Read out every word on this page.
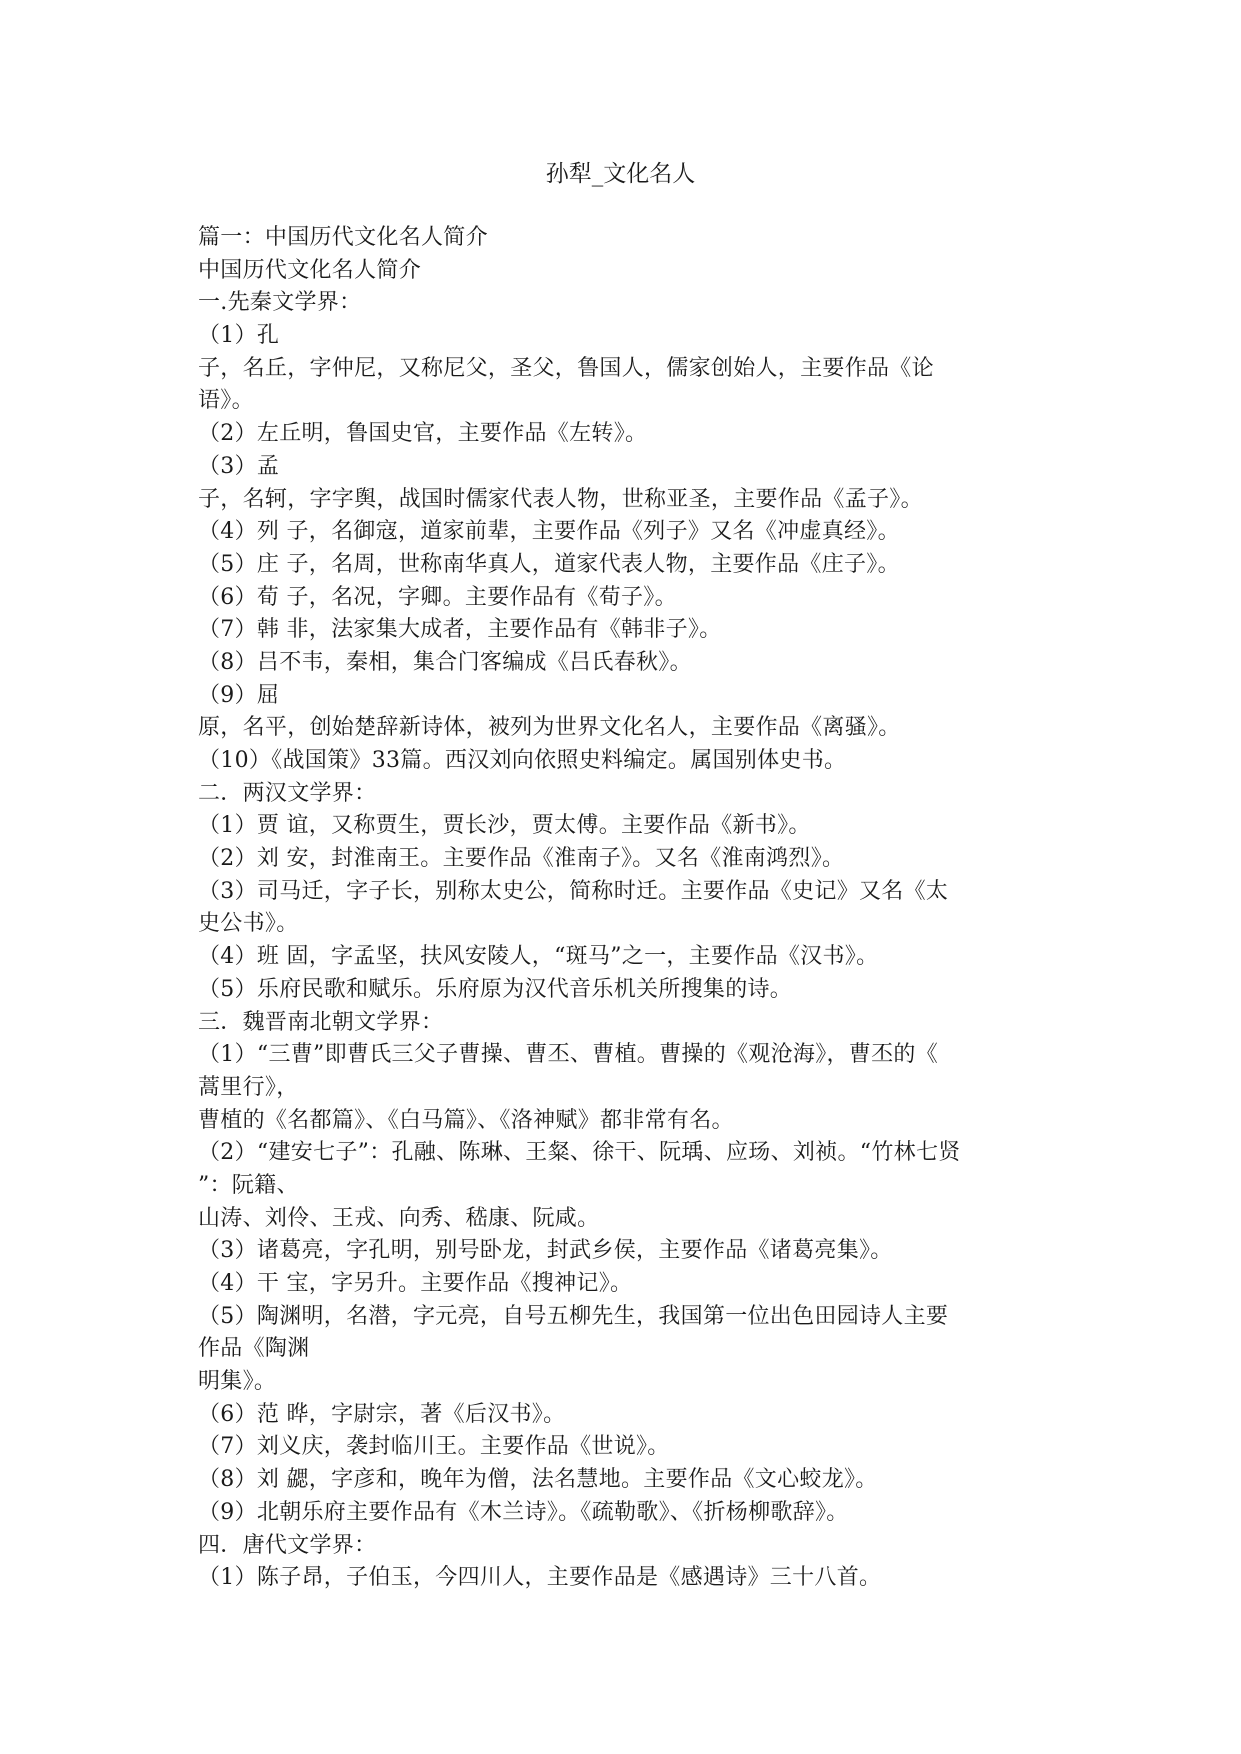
孙犁_文化名人

篇一：中国历代文化名人简介

中国历代文化名人简介

一.先秦文学界：

（1）孔

子，名丘，字仲尼，又称尼父，圣父，鲁国人，儒家创始人，主要作品《论

语》。

（2）左丘明，鲁国史官，主要作品《左转》。

（3）孟

子，名轲，字字舆，战国时儒家代表人物，世称亚圣，主要作品《孟子》。

（4）列 子，名御寇，道家前辈，主要作品《列子》又名《冲虚真经》。

（5）庄 子，名周，世称南华真人，道家代表人物，主要作品《庄子》。

（6）荀 子，名况，字卿。主要作品有《荀子》。

（7）韩 非，法家集大成者，主要作品有《韩非子》。

（8）吕不韦，秦相，集合门客编成《吕氏春秋》。

（9）屈

原，名平，创始楚辞新诗体，被列为世界文化名人，主要作品《离骚》。

（10）《战国策》33篇。西汉刘向依照史料编定。属国别体史书。

二．两汉文学界：

（1）贾 谊，又称贾生，贾长沙，贾太傅。主要作品《新书》。

（2）刘 安，封淮南王。主要作品《淮南子》。又名《淮南鸿烈》。

（3）司马迁，字子长，别称太史公，简称时迁。主要作品《史记》又名《太

史公书》。

（4）班 固，字孟坚，扶风安陵人，“斑马”之一，主要作品《汉书》。

（5）乐府民歌和赋乐。乐府原为汉代音乐机关所搜集的诗。

三．魏晋南北朝文学界：

（1）“三曹”即曹氏三父子曹操、曹丕、曹植。曹操的《观沧海》，曹丕的《

蒿里行》，

曹植的《名都篇》、《白马篇》、《洛神赋》都非常有名。

（2）“建安七子”：孔融、陈琳、王粲、徐干、阮瑀、应玚、刘祯。“竹林七贤

”：阮籍、

山涛、刘伶、王戎、向秀、嵇康、阮咸。

（3）诸葛亮，字孔明，别号卧龙，封武乡侯，主要作品《诸葛亮集》。

（4）干 宝，字另升。主要作品《搜神记》。

（5）陶渊明，名潜，字元亮，自号五柳先生，我国第一位出色田园诗人主要

作品《陶渊

明集》。

（6）范 晔，字尉宗，著《后汉书》。

（7）刘义庆，袭封临川王。主要作品《世说》。

（8）刘 勰，字彦和，晚年为僧，法名慧地。主要作品《文心蛟龙》。

（9）北朝乐府主要作品有《木兰诗》。《疏勒歌》、《折杨柳歌辞》。

四．唐代文学界：

（1）陈子昂，子伯玉，今四川人，主要作品是《感遇诗》三十八首。
